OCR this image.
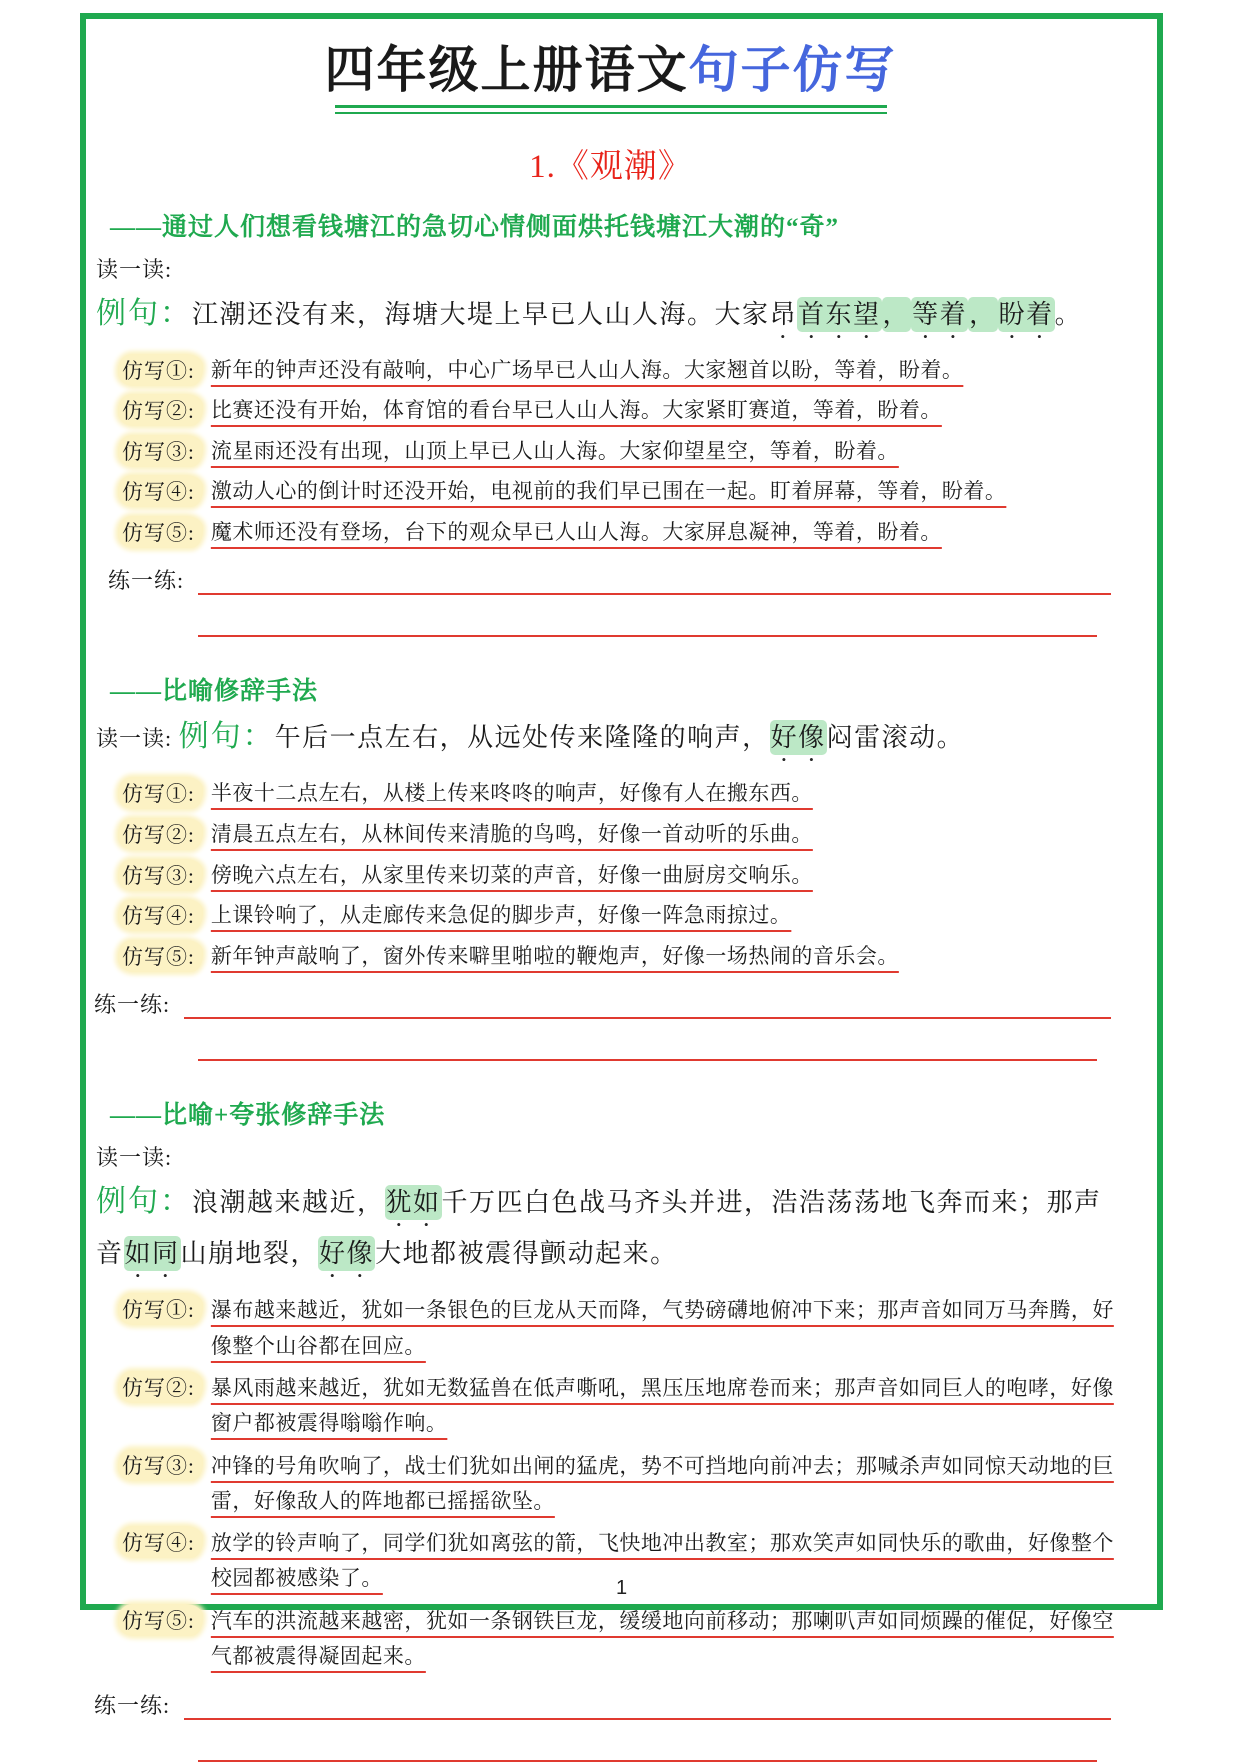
四年级上册语文句子仿写
1.《观潮》
——通过人们想看钱塘江的急切心情侧面烘托钱塘江大潮的“奇”
读一读:
例句：江潮还没有来，海塘大堤上早已人山人海。大家昂首东望，等着，盼着。
仿写①: 新年的钟声还没有敲响，中心广场早已人山人海。大家翘首以盼，等着，盼着。
仿写②: 比赛还没有开始，体育馆的看台早已人山人海。大家紧盯赛道，等着，盼着。
仿写③: 流星雨还没有出现，山顶上早已人山人海。大家仰望星空，等着，盼着。
仿写④: 激动人心的倒计时还没开始，电视前的我们早已围在一起。盯着屏幕，等着，盼着。
仿写⑤: 魔术师还没有登场，台下的观众早已人山人海。大家屏息凝神，等着，盼着。
练一练:
——比喻修辞手法
读一读: 例句：午后一点左右，从远处传来隆隆的响声，好像闷雷滚动。
仿写①: 半夜十二点左右，从楼上传来咚咚的响声，好像有人在搬东西。
仿写②: 清晨五点左右，从林间传来清脆的鸟鸣，好像一首动听的乐曲。
仿写③: 傍晚六点左右，从家里传来切菜的声音，好像一曲厨房交响乐。
仿写④: 上课铃响了，从走廊传来急促的脚步声，好像一阵急雨掠过。
仿写⑤: 新年钟声敲响了，窗外传来噼里啪啦的鞭炮声，好像一场热闹的音乐会。
练一练:
——比喻+夸张修辞手法
读一读:
例句：浪潮越来越近，犹如千万匹白色战马齐头并进，浩浩荡荡地飞奔而来；那声音如同山崩地裂，好像大地都被震得颤动起来。
仿写①: 瀑布越来越近，犹如一条银色的巨龙从天而降，气势磅礴地俯冲下来；那声音如同万马奔腾，好像整个山谷都在回应。
仿写②: 暴风雨越来越近，犹如无数猛兽在低声嘶吼，黑压压地席卷而来；那声音如同巨人的咆哮，好像窗户都被震得嗡嗡作响。
仿写③: 冲锋的号角吹响了，战士们犹如出闸的猛虎，势不可挡地向前冲去；那喊杀声如同惊天动地的巨雷，好像敌人的阵地都已摇摇欲坠。
仿写④: 放学的铃声响了，同学们犹如离弦的箭，飞快地冲出教室；那欢笑声如同快乐的歌曲，好像整个校园都被感染了。
仿写⑤: 汽车的洪流越来越密，犹如一条钢铁巨龙，缓缓地向前移动；那喇叭声如同烦躁的催促，好像空气都被震得凝固起来。
练一练:
1
